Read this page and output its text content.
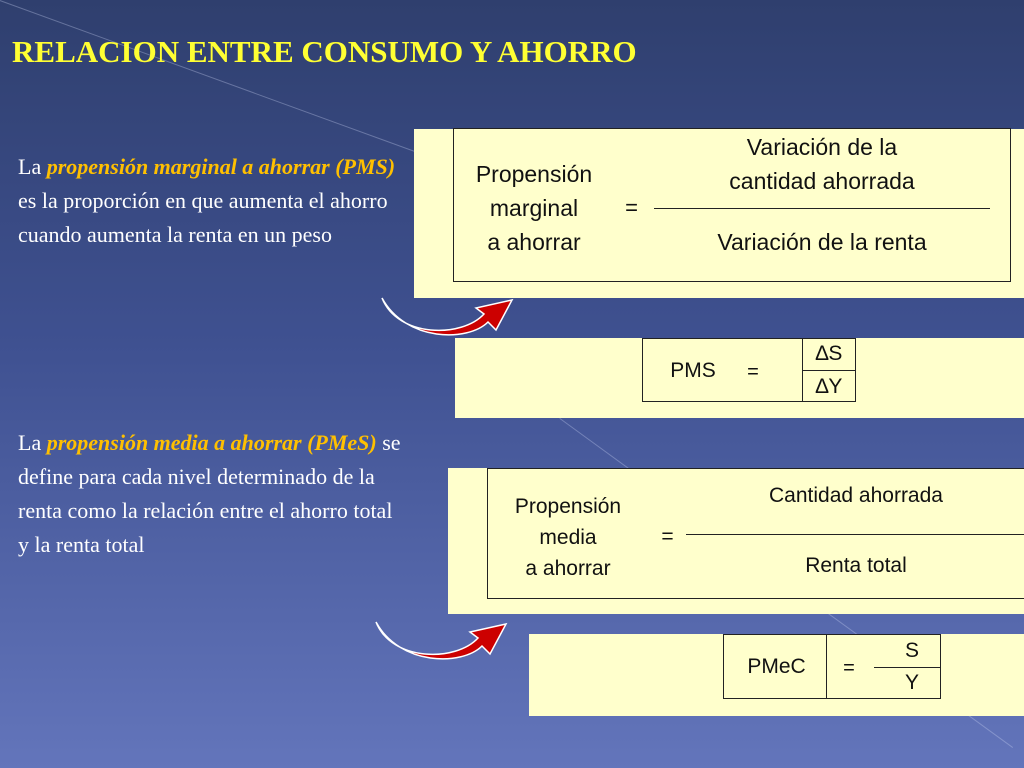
RELACION ENTRE CONSUMO Y AHORRO
La propensión marginal a ahorrar (PMS) es la proporción en que aumenta el ahorro cuando aumenta la renta en un peso
La propensión media a ahorrar (PMeS) se define para cada nivel determinado de la renta como la relación entre el ahorro total y la renta total
Propensión
marginal
a ahorrar
=
Variación de la
cantidad ahorrada
Variación de la renta
PMS	=
∆S
∆Y
Propensión
media
a ahorrar
=
Cantidad ahorrada
Renta total
PMeC	=
S
Y
